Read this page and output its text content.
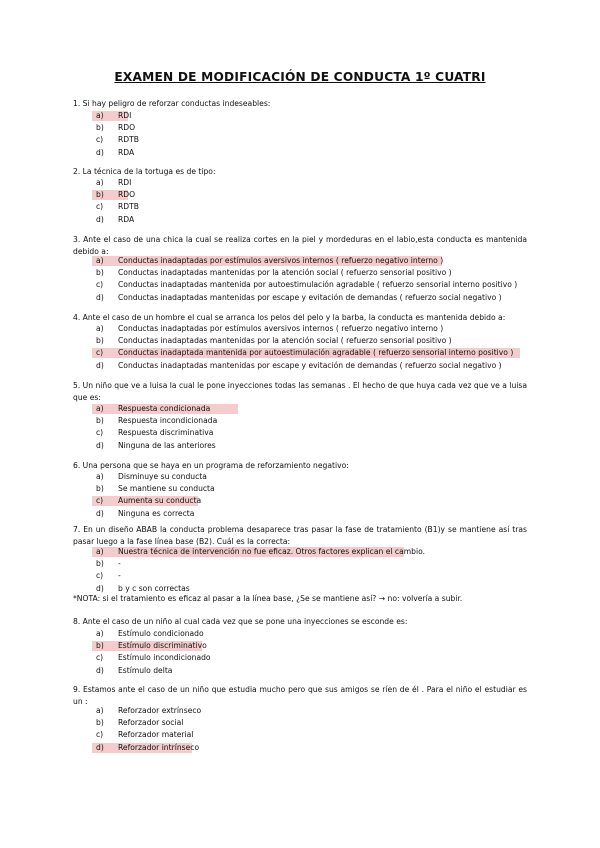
EXAMEN DE MODIFICACIÓN DE CONDUCTA 1º CUATRI
1. Si hay peligro de reforzar conductas indeseables:
a)	RDI
b)	RDO
c)	RDTB
d)	RDA
2. La técnica de la tortuga es de tipo:
a)	RDI
b)	RDO
c)	RDTB
d)	RDA
3. Ante el caso de una chica la cual se realiza cortes en la piel y mordeduras en el labio,esta conducta es mantenida debido a:
a)	Conductas inadaptadas por estímulos aversivos internos ( refuerzo negativo interno )
b)	Conductas inadaptadas mantenidas por la atención social ( refuerzo sensorial positivo )
c)	Conductas inadaptadas mantenida por autoestimulación agradable ( refuerzo sensorial interno positivo )
d)	Conductas inadaptadas mantenidas por escape y evitación de demandas ( refuerzo social negativo )
4. Ante el caso de un hombre el cual se arranca los pelos del pelo y la barba, la conducta es mantenida debido a:
a)	Conductas inadaptadas por estímulos aversivos internos ( refuerzo negativo interno )
b)	Conductas inadaptadas mantenidas por la atención social ( refuerzo sensorial positivo )
c)	Conductas inadaptada mantenida por autoestimulación agradable ( refuerzo sensorial interno positivo )
d)	Conductas inadaptadas mantenidas por escape y evitación de demandas ( refuerzo social negativo )
5. Un niño que ve a luisa la cual le pone inyecciones todas las semanas . El hecho de que huya cada vez que ve a luisa que es:
a)	Respuesta condicionada
b)	Respuesta incondicionada
c)	Respuesta discriminativa
d)	Ninguna de las anteriores
6. Una persona que se haya en un programa de reforzamiento negativo:
a)	Disminuye su conducta
b)	Se mantiene su conducta
c)	Aumenta su conducta
d)	Ninguna es correcta
7. En un diseño ABAB la conducta problema desaparece tras pasar la fase de tratamiento (B1)y se mantiene así tras pasar luego a la fase línea base (B2). Cuál es la correcta:
a)	Nuestra técnica de intervención no fue eficaz. Otros factores explican el cambio.
b)	-
c)	-
d)	b y c son correctas
*NOTA: si el tratamiento es eficaz al pasar a la línea base, ¿Se se mantiene así? → no: volvería a subir.
8. Ante el caso de un niño al cual cada vez que se pone una inyecciones se esconde es:
a)	Estímulo condicionado
b)	Estímulo discriminativo
c)	Estímulo incondicionado
d)	Estímulo delta
9. Estamos ante el caso de un niño que estudia mucho pero que sus amigos se ríen de él . Para el niño el estudiar es un :
a)	Reforzador extrínseco
b)	Reforzador social
c)	Reforzador material
d)	Reforzador intrínseco
